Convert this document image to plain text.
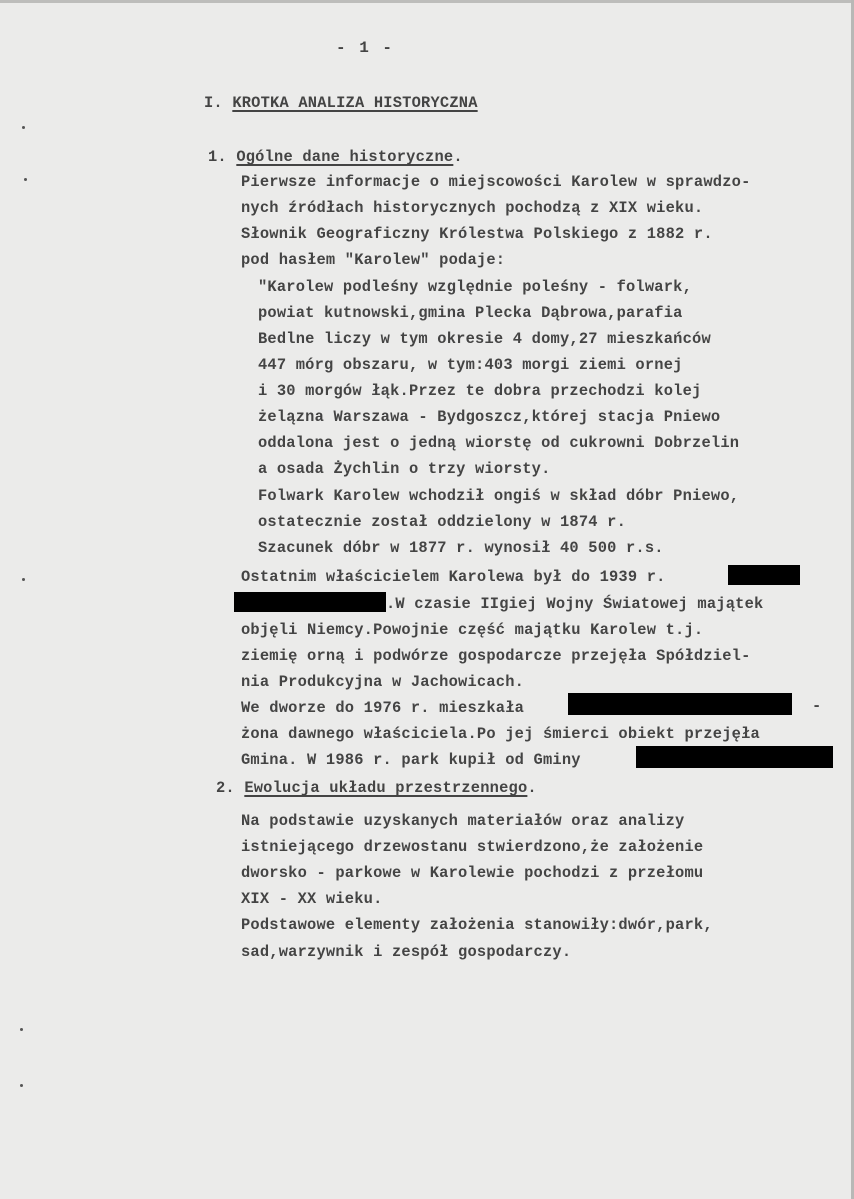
- 1 -
I. KROTKA ANALIZA HISTORYCZNA
1. Ogólne dane historyczne.
Pierwsze informacje o miejscowości Karolew w sprawdzo-
nych źródłach historycznych pochodzą z XIX wieku.
Słownik Geograficzny Królestwa Polskiego z 1882 r.
pod hasłem "Karolew" podaje:
"Karolew podleśny względnie poleśny - folwark,
powiat kutnowski,gmina Plecka Dąbrowa,parafia
Bedlne liczy w tym okresie 4 domy,27 mieszkańców
447 mórg obszaru, w tym:403 morgi ziemi ornej
i 30 morgów łąk.Przez te dobra przechodzi kolej
żelązna Warszawa - Bydgoszcz,której stacja Pniewo
oddalona jest o jedną wiorstę od cukrowni Dobrzelin
a osada Żychlin o trzy wiorsty.
Folwark Karolew wchodził ongiś w skład dóbr Pniewo,
ostatecznie został oddzielony w 1874 r.
Szacunek dóbr w 1877 r. wynosił 40 500 r.s.
Ostatnim właścicielem Karolewa był do 1939 r.
.W czasie IIgiej Wojny Światowej majątek
objęli Niemcy.Powojnie część majątku Karolew t.j.
ziemię orną i podwórze gospodarcze przejęła Spółdziel-
nia Produkcyjna w Jachowicach.
We dworze do 1976 r. mieszkała	-
żona dawnego właściciela.Po jej śmierci obiekt przejęła
Gmina. W 1986 r. park kupił od Gminy
2. Ewolucja układu przestrzennego.
Na podstawie uzyskanych materiałów oraz analizy
istniejącego drzewostanu stwierdzono,że założenie
dworsko - parkowe w Karolewie pochodzi z przełomu
XIX - XX wieku.
Podstawowe elementy założenia stanowiły:dwór,park,
sad,warzywnik i zespół gospodarczy.
